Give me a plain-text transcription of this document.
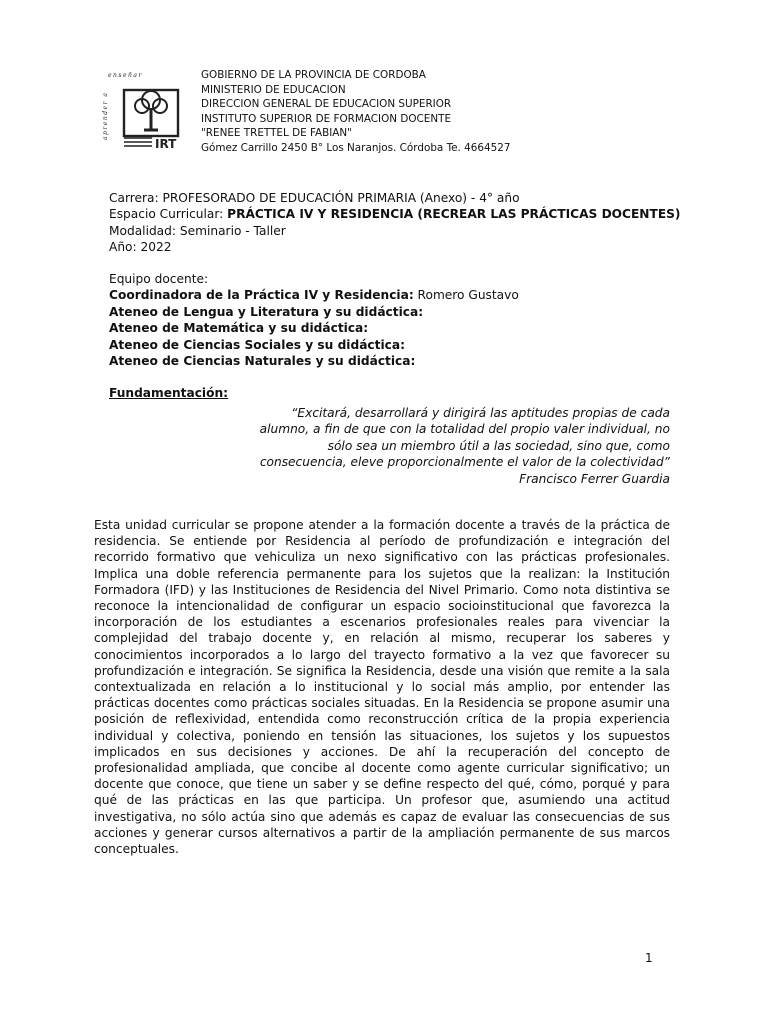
enseñar
aprender a
IRT
GOBIERNO DE LA PROVINCIA DE CORDOBA
MINISTERIO DE EDUCACION
DIRECCION GENERAL DE EDUCACION SUPERIOR
INSTITUTO SUPERIOR DE FORMACION DOCENTE
"RENEE TRETTEL DE FABIAN"
Gómez Carrillo 2450 B° Los Naranjos. Córdoba Te. 4664527
Carrera: PROFESORADO DE EDUCACIÓN PRIMARIA (Anexo) - 4° año
Espacio Curricular: PRÁCTICA IV Y RESIDENCIA (RECREAR LAS PRÁCTICAS DOCENTES)
Modalidad: Seminario - Taller
Año: 2022
Equipo docente:
Coordinadora de la Práctica IV y Residencia: Romero Gustavo
Ateneo de Lengua y Literatura y su didáctica:
Ateneo de Matemática y su didáctica:
Ateneo de Ciencias Sociales y su didáctica:
Ateneo de Ciencias Naturales y su didáctica:
Fundamentación:
“Excitará, desarrollará y dirigirá las aptitudes propias de cada
alumno, a fin de que con la totalidad del propio valer individual, no
sólo sea un miembro útil a las sociedad, sino que, como
consecuencia, eleve proporcionalmente el valor de la colectividad”
Francisco Ferrer Guardia
Esta unidad curricular se propone atender a la formación docente a través de la práctica de residencia. Se entiende por Residencia al período de profundización e integración del recorrido formativo que vehiculiza un nexo significativo con las prácticas profesionales. Implica una doble referencia permanente para los sujetos que la realizan: la Institución Formadora (IFD) y las Instituciones de Residencia del Nivel Primario. Como nota distintiva se reconoce la intencionalidad de configurar un espacio socioinstitucional que favorezca la incorporación de los estudiantes a escenarios profesionales reales para vivenciar la complejidad del trabajo docente y, en relación al mismo, recuperar los saberes y conocimientos incorporados a lo largo del trayecto formativo a la vez que favorecer su profundización e integración. Se significa la Residencia, desde una visión que remite a la sala contextualizada en relación a lo institucional y lo social más amplio, por entender las prácticas docentes como prácticas sociales situadas. En la Residencia se propone asumir una posición de reflexividad, entendida como reconstrucción crítica de la propia experiencia individual y colectiva, poniendo en tensión las situaciones, los sujetos y los supuestos implicados en sus decisiones y acciones. De ahí la recuperación del concepto de profesionalidad ampliada, que concibe al docente como agente curricular significativo; un docente que conoce, que tiene un saber y se define respecto del qué, cómo, porqué y para qué de las prácticas en las que participa. Un profesor que, asumiendo una actitud investigativa, no sólo actúa sino que además es capaz de evaluar las consecuencias de sus acciones y generar cursos alternativos a partir de la ampliación permanente de sus marcos conceptuales.
1
